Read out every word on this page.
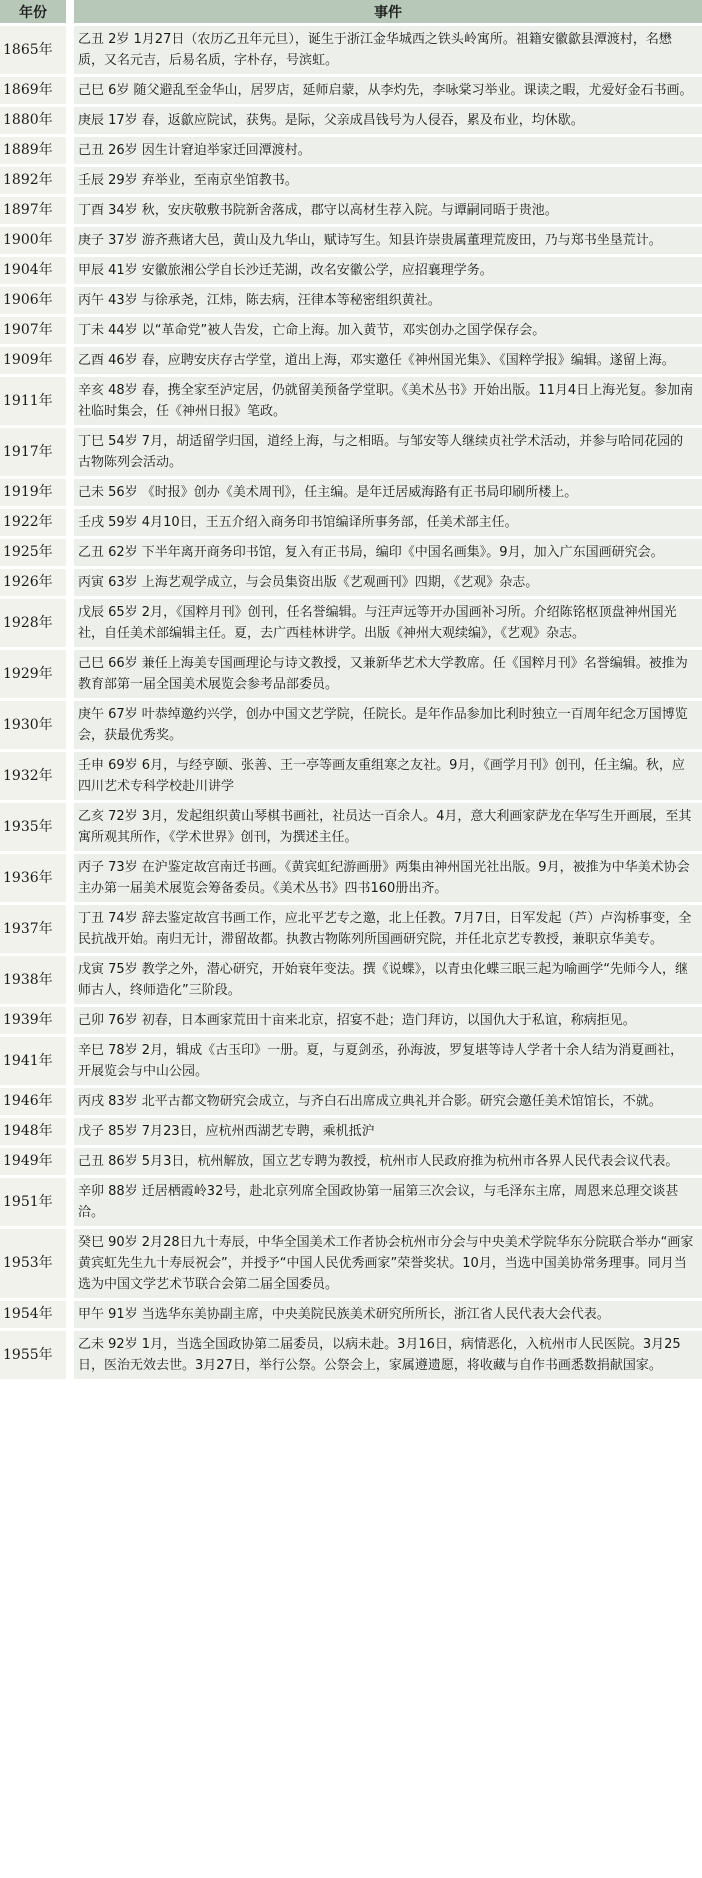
年份		事件
1865年		乙丑 2岁 1月27日（农历乙丑年元旦），诞生于浙江金华城西之铁头岭寓所。祖籍安徽歙县潭渡村，名懋质，又名元吉，后易名质，字朴存，号滨虹。
1869年		己巳 6岁 随父避乱至金华山，居罗店，延师启蒙，从李灼先，李咏棠习举业。课读之暇，尤爱好金石书画。
1880年		庚辰 17岁 春，返歙应院试，获隽。是际，父亲成昌钱号为人侵吞，累及布业，均休歇。
1889年		己丑 26岁 因生计窘迫举家迁回潭渡村。
1892年		壬辰 29岁 弃举业，至南京坐馆教书。
1897年		丁酉 34岁 秋，安庆敬敷书院新舍落成，郡守以高材生荐入院。与谭嗣同晤于贵池。
1900年		庚子 37岁 游齐燕诸大邑，黄山及九华山，赋诗写生。知县许崇贵属董理荒废田，乃与郑书坐垦荒计。
1904年		甲辰 41岁 安徽旅湘公学自长沙迁芜湖，改名安徽公学，应招襄理学务。
1906年		丙午 43岁 与徐承尧，江炜，陈去病，汪律本等秘密组织黄社。
1907年		丁未 44岁 以“革命党”被人告发，亡命上海。加入黄节，邓实创办之国学保存会。
1909年		乙酉 46岁 春，应聘安庆存古学堂，道出上海，邓实邀任《神州国光集》、《国粹学报》编辑。遂留上海。
1911年		辛亥 48岁 春，携全家至泸定居，仍就留美预备学堂职。《美术丛书》开始出版。11月4日上海光复。参加南社临时集会，任《神州日报》笔政。
1917年		丁巳 54岁 7月，胡适留学归国，道经上海，与之相晤。与邹安等人继续贞社学术活动，并参与哈同花园的古物陈列会活动。
1919年		己未 56岁 《时报》创办《美术周刊》，任主编。是年迁居威海路有正书局印刷所楼上。
1922年		壬戌 59岁 4月10日，王五介绍入商务印书馆编译所事务部，任美术部主任。
1925年		乙丑 62岁 下半年离开商务印书馆，复入有正书局，编印《中国名画集》。9月，加入广东国画研究会。
1926年		丙寅 63岁 上海艺观学成立，与会员集资出版《艺观画刊》四期，《艺观》杂志。
1928年		戊辰 65岁 2月，《国粹月刊》创刊，任名誉编辑。与汪声远等开办国画补习所。介绍陈铭枢顶盘神州国光社，自任美术部编辑主任。夏，去广西桂林讲学。出版《神州大观续编》，《艺观》杂志。
1929年		己巳 66岁 兼任上海美专国画理论与诗文教授，又兼新华艺术大学教席。任《国粹月刊》名誉编辑。被推为教育部第一届全国美术展览会参考品部委员。
1930年		庚午 67岁 叶恭绰邀约兴学，创办中国文艺学院，任院长。是年作品参加比利时独立一百周年纪念万国博览会，获最优秀奖。
1932年		壬申 69岁 6月，与经亨颐、张善、王一亭等画友重组寒之友社。9月，《画学月刊》创刊，任主编。秋，应四川艺术专科学校赴川讲学
1935年		乙亥 72岁 3月，发起组织黄山琴棋书画社，社员达一百余人。4月，意大利画家萨龙在华写生开画展，至其寓所观其所作，《学术世界》创刊，为撰述主任。
1936年		丙子 73岁 在沪鉴定故宫南迁书画。《黄宾虹纪游画册》两集由神州国光社出版。9月，被推为中华美术协会主办第一届美术展览会筹备委员。《美术丛书》四书160册出齐。
1937年		丁丑 74岁 辞去鉴定故宫书画工作，应北平艺专之邀，北上任教。7月7日，日军发起（芦）卢沟桥事变，全民抗战开始。南归无计，滞留故都。执教古物陈列所国画研究院，并任北京艺专教授，兼职京华美专。
1938年		戊寅 75岁 教学之外，潜心研究，开始衰年变法。撰《说蝶》，以青虫化蝶三眠三起为喻画学“先师今人，继师古人，终师造化”三阶段。
1939年		己卯 76岁 初春，日本画家荒田十亩来北京，招宴不赴；造门拜访，以国仇大于私谊，称病拒见。
1941年		辛巳 78岁 2月，辑成《古玉印》一册。夏，与夏剑丞，孙海波，罗复堪等诗人学者十余人结为消夏画社，开展览会与中山公园。
1946年		丙戌 83岁 北平古都文物研究会成立，与齐白石出席成立典礼并合影。研究会邀任美术馆馆长，不就。
1948年		戊子 85岁 7月23日，应杭州西湖艺专聘，乘机抵沪
1949年		己丑 86岁 5月3日，杭州解放，国立艺专聘为教授，杭州市人民政府推为杭州市各界人民代表会议代表。
1951年		辛卯 88岁 迁居栖霞岭32号，赴北京列席全国政协第一届第三次会议，与毛泽东主席，周恩来总理交谈甚洽。
1953年		癸巳 90岁 2月28日九十寿辰，中华全国美术工作者协会杭州市分会与中央美术学院华东分院联合举办“画家黄宾虹先生九十寿辰祝会”，并授予“中国人民优秀画家”荣誉奖状。10月，当选中国美协常务理事。同月当选为中国文学艺术节联合会第二届全国委员。
1954年		甲午 91岁 当选华东美协副主席，中央美院民族美术研究所所长，浙江省人民代表大会代表。
1955年		乙未 92岁 1月，当选全国政协第二届委员，以病未赴。3月16日，病情恶化，入杭州市人民医院。3月25日，医治无效去世。3月27日，举行公祭。公祭会上，家属遵遗愿，将收藏与自作书画悉数捐献国家。
